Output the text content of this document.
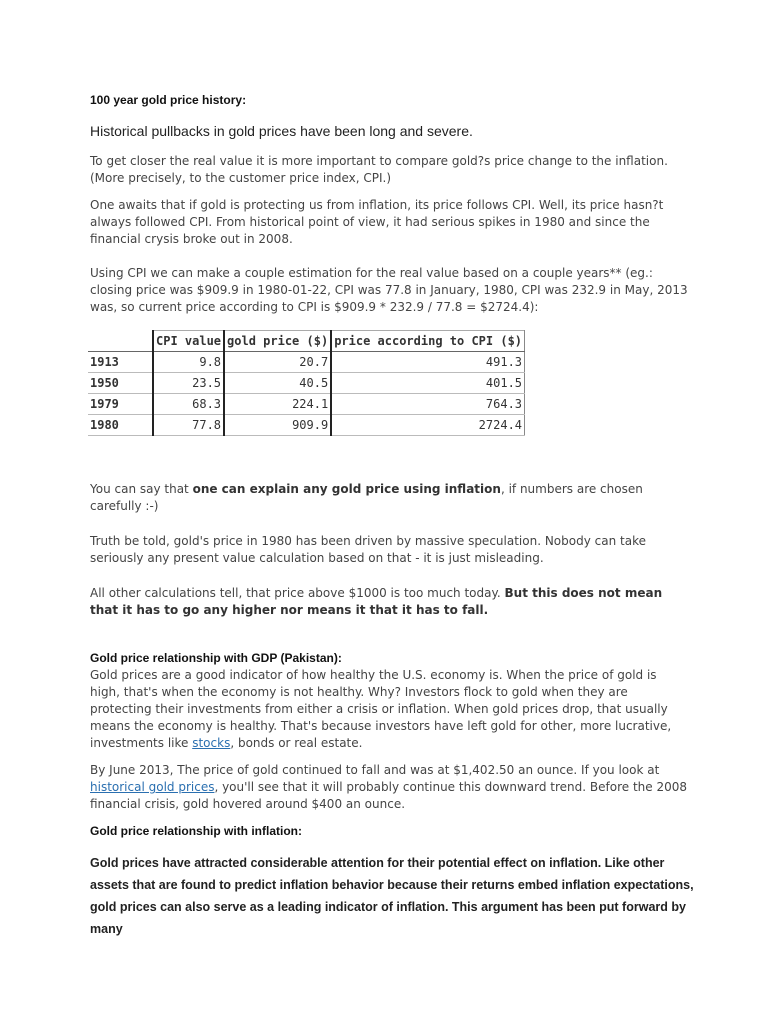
100 year gold price history:

Historical pullbacks in gold prices have been long and severe.

To get closer the real value it is more important to compare gold?s price change to the inflation. (More precisely, to the customer price index, CPI.)

One awaits that if gold is protecting us from inflation, its price follows CPI. Well, its price hasn?t always followed CPI. From historical point of view, it had serious spikes in 1980 and since the financial crysis broke out in 2008.

Using CPI we can make a couple estimation for the real value based on a couple years** (eg.: closing price was $909.9 in 1980-01-22, CPI was 77.8 in January, 1980, CPI was 232.9 in May, 2013 was, so current price according to CPI is $909.9 * 232.9 / 77.8 = $2724.4):

	CPI value	gold price ($)	price according to CPI ($)
1913	9.8	20.7	491.3
1950	23.5	40.5	401.5
1979	68.3	224.1	764.3
1980	77.8	909.9	2724.4

You can say that one can explain any gold price using inflation, if numbers are chosen carefully :-)

Truth be told, gold's price in 1980 has been driven by massive speculation. Nobody can take seriously any present value calculation based on that - it is just misleading.

All other calculations tell, that price above $1000 is too much today. But this does not mean that it has to go any higher nor means it that it has to fall.

Gold price relationship with GDP (Pakistan):

Gold prices are a good indicator of how healthy the U.S. economy is. When the price of gold is high, that's when the economy is not healthy. Why? Investors flock to gold when they are protecting their investments from either a crisis or inflation. When gold prices drop, that usually means the economy is healthy. That's because investors have left gold for other, more lucrative, investments like stocks, bonds or real estate.

By June 2013, The price of gold continued to fall and was at $1,402.50 an ounce. If you look at historical gold prices, you'll see that it will probably continue this downward trend. Before the 2008 financial crisis, gold hovered around $400 an ounce.

Gold price relationship with inflation:

Gold prices have attracted considerable attention for their potential effect on inflation. Like other assets that are found to predict inflation behavior because their returns embed inflation expectations, gold prices can also serve as a leading indicator of inflation. This argument has been put forward by many
